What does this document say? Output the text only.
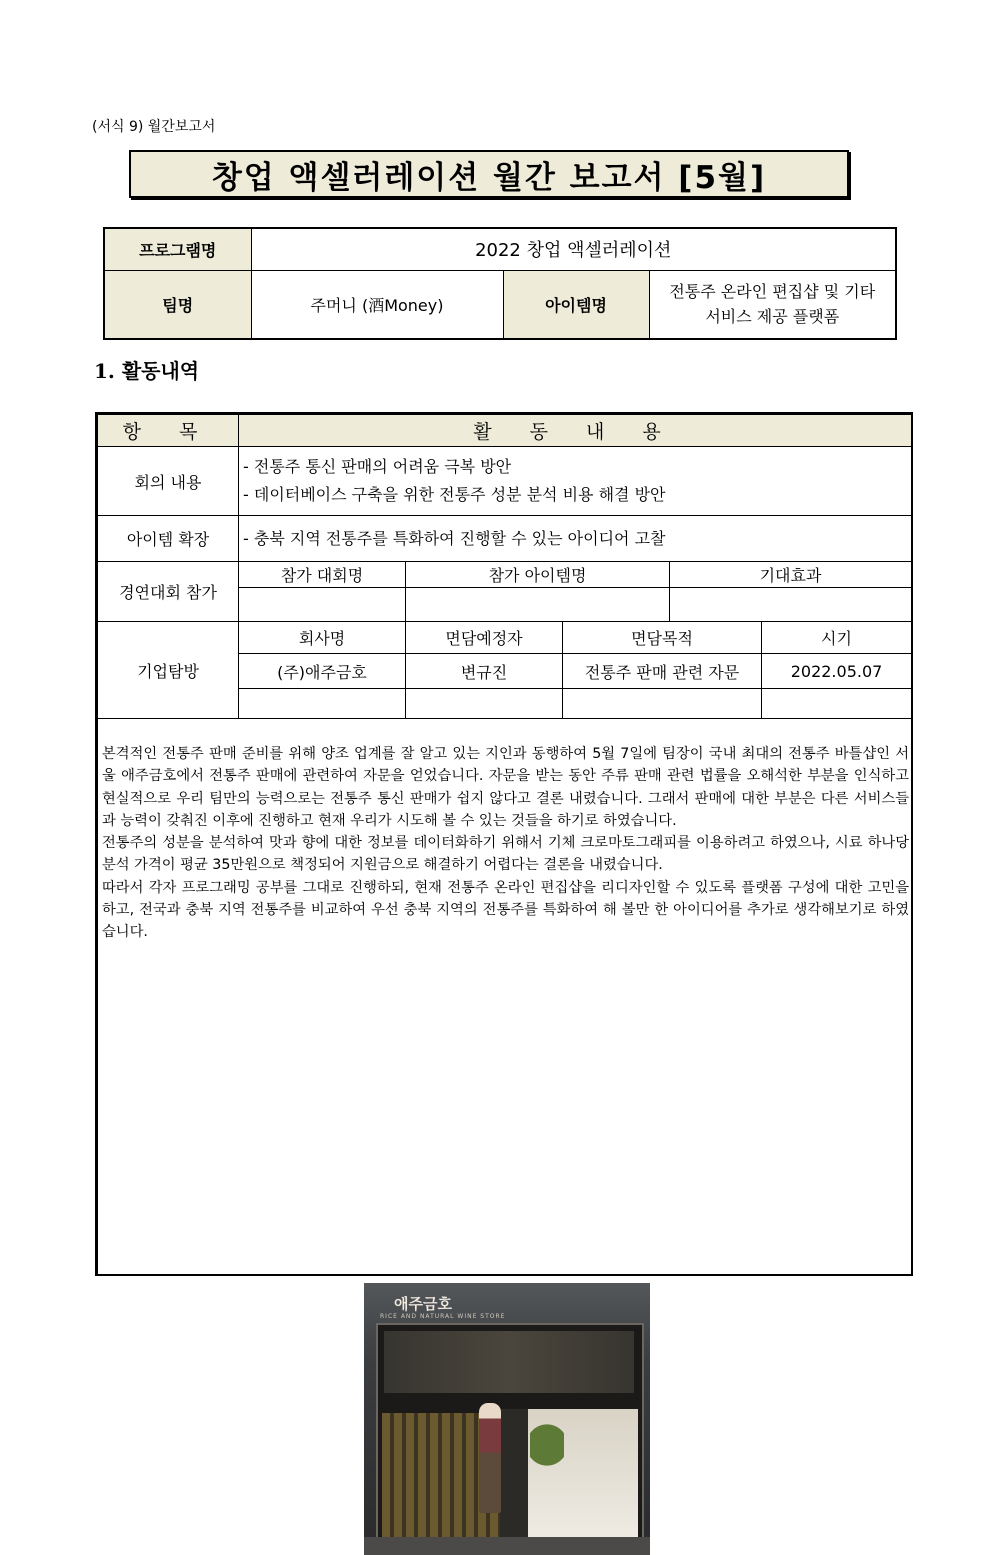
(서식 9) 월간보고서
창업 액셀러레이션 월간 보고서 [5월]
프로그램명	2022 창업 액셀러레이션		
팀명	주머니 (酒Money)	아이템명	전통주 온라인 편집샵 및 기타
서비스 제공 플랫폼
1. 활동내역
항 목	활 동 내 용				
회의 내용	- 전통주 통신 판매의 어려움 극복 방안
- 데이터베이스 구축을 위한 전통주 성분 분석 비용 해결 방안				

아이템 확장	- 충북 지역 전통주를 특화하여 진행할 수 있는 아이디어 고찰				
경연대회 참가	참가 대회명	참가 아이템명		기대효과	

기업탐방	회사명	면담예정자	면담목적		시기
	(주)애주금호	변규진	전통주 판매 관련 자문		2022.05.07

본격적인 전통주 판매 준비를 위해 양조 업계를 잘 알고 있는 지인과 동행하여 5월 7일에 팀장이 국내 최대의 전통주 바틀샵인 서울 애주금호에서 전통주 판매에 관련하여 자문을 얻었습니다. 자문을 받는 동안 주류 판매 관련 법률을 오해석한 부분을 인식하고 현실적으로 우리 팀만의 능력으로는 전통주 통신 판매가 쉽지 않다고 결론 내렸습니다. 그래서 판매에 대한 부분은 다른 서비스들과 능력이 갖춰진 이후에 진행하고 현재 우리가 시도해 볼 수 있는 것들을 하기로 하였습니다.

전통주의 성분을 분석하여 맛과 향에 대한 정보를 데이터화하기 위해서 기체 크로마토그래피를 이용하려고 하였으나, 시료 하나당 분석 가격이 평균 35만원으로 책정되어 지원금으로 해결하기 어렵다는 결론을 내렸습니다.

따라서 각자 프로그래밍 공부를 그대로 진행하되, 현재 전통주 온라인 편집샵을 리디자인할 수 있도록 플랫폼 구성에 대한 고민을 하고, 전국과 충북 지역 전통주를 비교하여 우선 충북 지역의 전통주를 특화하여 해 볼만 한 아이디어를 추가로 생각해보기로 하였습니다.

애주금호
RICE AND NATURAL WINE STORE					
